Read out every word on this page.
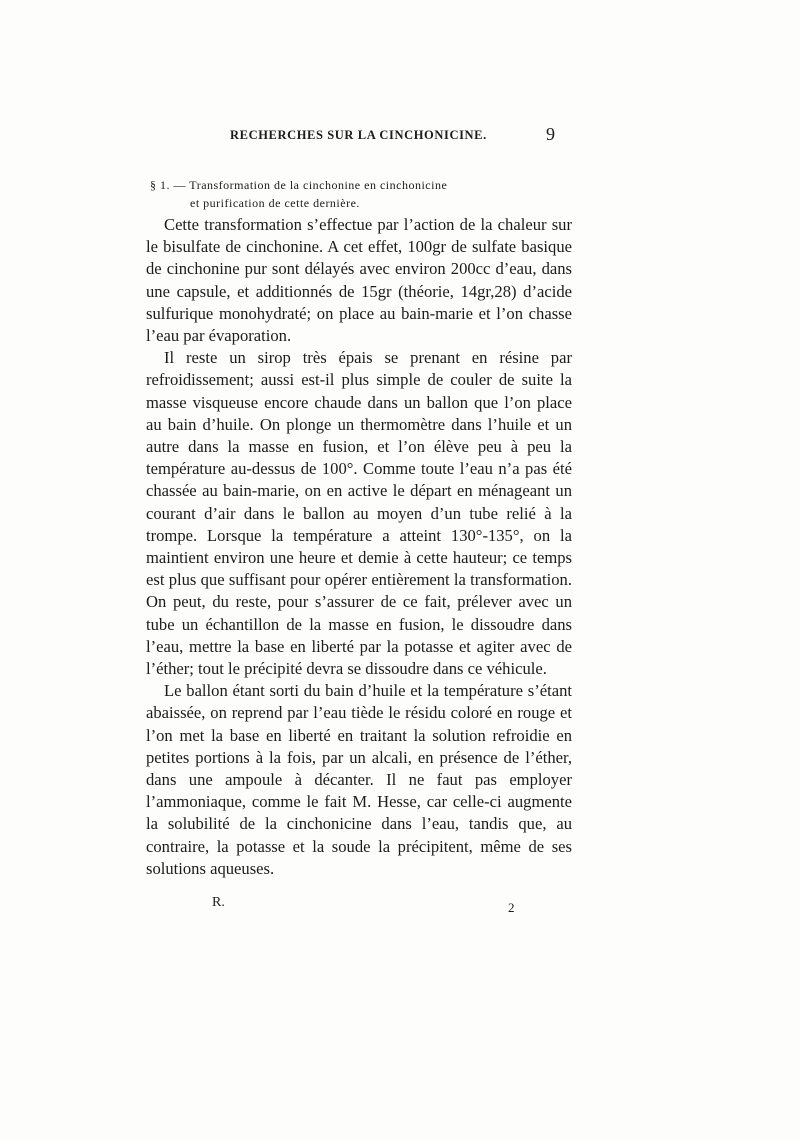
RECHERCHES SUR LA CINCHONICINE.	9
§ 1. — Transformation de la cinchonine en cinchonicine
et purification de cette dernière.

Cette transformation s’effectue par l’action de la chaleur sur le bisulfate de cinchonine. A cet effet, 100gr de sulfate basique de cinchonine pur sont délayés avec environ 200cc d’eau, dans une capsule, et additionnés de 15gr (théorie, 14gr,28) d’acide sulfurique monohydraté; on place au bain-marie et l’on chasse l’eau par évaporation.

Il reste un sirop très épais se prenant en résine par refroidissement; aussi est-il plus simple de couler de suite la masse visqueuse encore chaude dans un ballon que l’on place au bain d’huile. On plonge un thermomètre dans l’huile et un autre dans la masse en fusion, et l’on élève peu à peu la température au-dessus de 100°. Comme toute l’eau n’a pas été chassée au bain-marie, on en active le départ en ménageant un courant d’air dans le ballon au moyen d’un tube relié à la trompe. Lorsque la température a atteint 130°-135°, on la maintient environ une heure et demie à cette hauteur; ce temps est plus que suffisant pour opérer entièrement la transformation. On peut, du reste, pour s’assurer de ce fait, prélever avec un tube un échantillon de la masse en fusion, le dissoudre dans l’eau, mettre la base en liberté par la potasse et agiter avec de l’éther; tout le précipité devra se dissoudre dans ce véhicule.

Le ballon étant sorti du bain d’huile et la température s’étant abaissée, on reprend par l’eau tiède le résidu coloré en rouge et l’on met la base en liberté en traitant la solution refroidie en petites portions à la fois, par un alcali, en présence de l’éther, dans une ampoule à décanter. Il ne faut pas employer l’ammoniaque, comme le fait M. Hesse, car celle-ci augmente la solubilité de la cinchonicine dans l’eau, tandis que, au contraire, la potasse et la soude la précipitent, même de ses solutions aqueuses.

R.	2
